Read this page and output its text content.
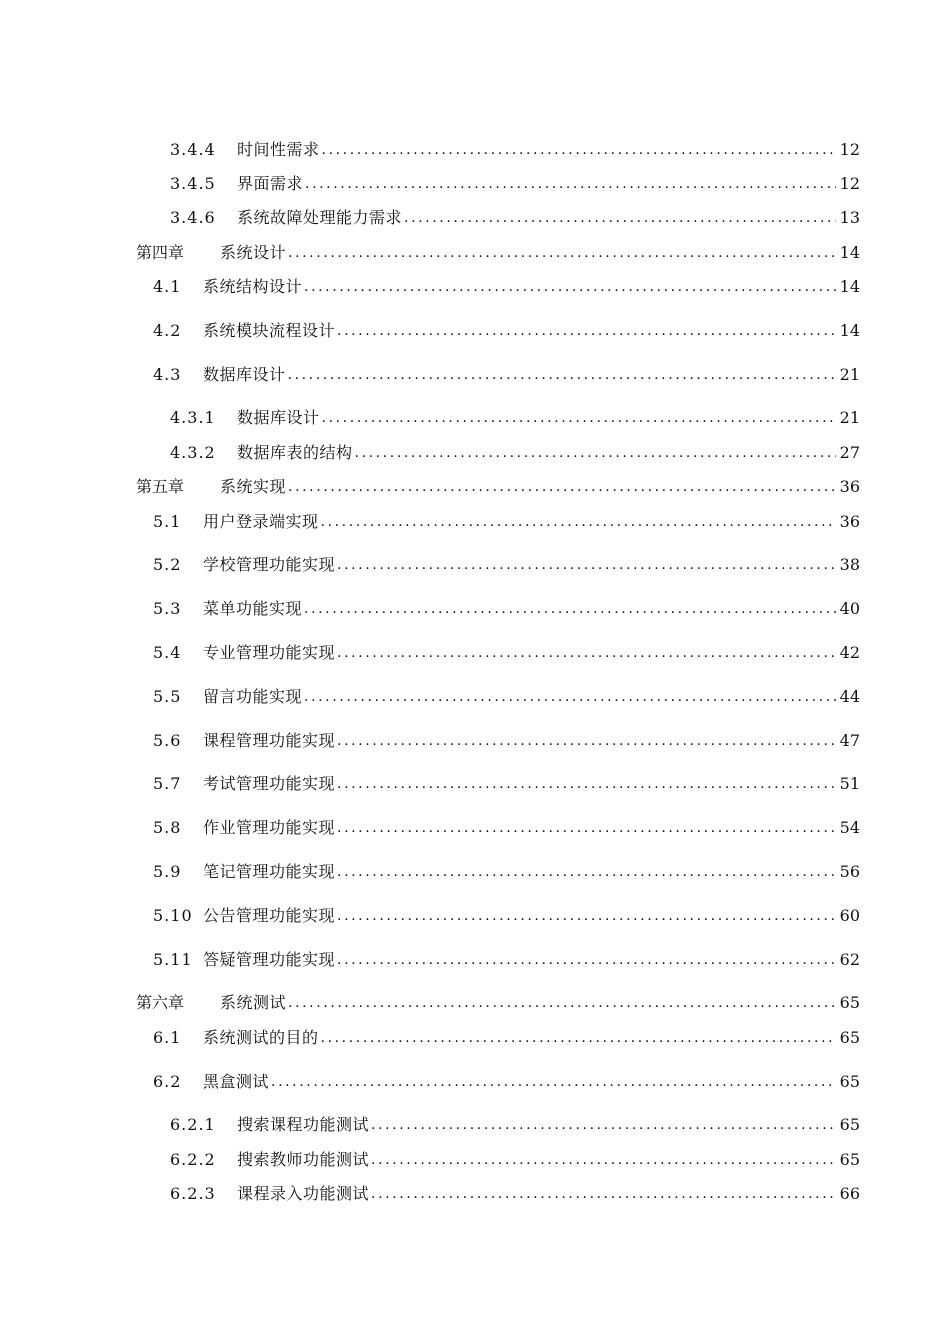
3.4.4	时间性需求 .....	12
3.4.5	界面需求 .....	12
3.4.6	系统故障处理能力需求 .....	13
第四章	系统设计 .....	14
4.1	系统结构设计 .....	14
4.2	系统模块流程设计 .....	14
4.3	数据库设计 .....	21
4.3.1	数据库设计 .....	21
4.3.2	数据库表的结构 .....	27
第五章	系统实现 .....	36
5.1	用户登录端实现 .....	36
5.2	学校管理功能实现 .....	38
5.3	菜单功能实现 .....	40
5.4	专业管理功能实现 .....	42
5.5	留言功能实现 .....	44
5.6	课程管理功能实现 .....	47
5.7	考试管理功能实现 .....	51
5.8	作业管理功能实现 .....	54
5.9	笔记管理功能实现 .....	56
5.10 公告管理功能实现 .....	60
5.11 答疑管理功能实现 .....	62
第六章	系统测试 .....	65
6.1	系统测试的目的 .....	65
6.2	黑盒测试 .....	65
6.2.1	搜索课程功能测试 .....	65
6.2.2	搜索教师功能测试 .....	65
6.2.3	课程录入功能测试 .....	66
